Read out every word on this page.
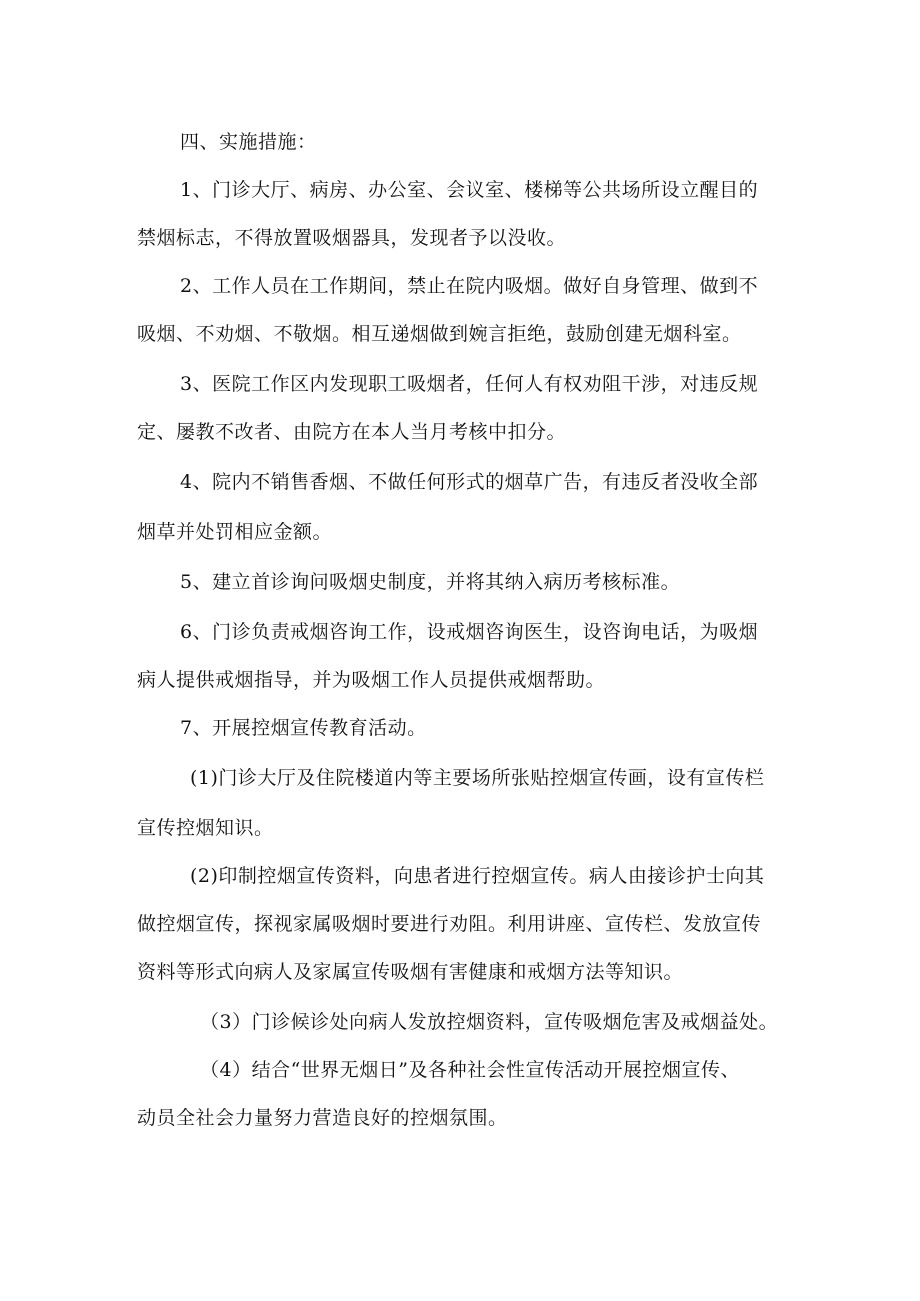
四、实施措施：
1、门诊大厅、病房、办公室、会议室、楼梯等公共场所设立醒目的
禁烟标志，不得放置吸烟器具，发现者予以没收。
2、工作人员在工作期间，禁止在院内吸烟。做好自身管理、做到不
吸烟、不劝烟、不敬烟。相互递烟做到婉言拒绝，鼓励创建无烟科室。
3、医院工作区内发现职工吸烟者，任何人有权劝阻干涉，对违反规
定、屡教不改者、由院方在本人当月考核中扣分。
4、院内不销售香烟、不做任何形式的烟草广告，有违反者没收全部
烟草并处罚相应金额。
5、建立首诊询问吸烟史制度，并将其纳入病历考核标准。
6、门诊负责戒烟咨询工作，设戒烟咨询医生，设咨询电话，为吸烟
病人提供戒烟指导，并为吸烟工作人员提供戒烟帮助。
7、开展控烟宣传教育活动。
(1)门诊大厅及住院楼道内等主要场所张贴控烟宣传画，设有宣传栏
宣传控烟知识。
(2)印制控烟宣传资料，向患者进行控烟宣传。病人由接诊护士向其
做控烟宣传，探视家属吸烟时要进行劝阻。利用讲座、宣传栏、发放宣传
资料等形式向病人及家属宣传吸烟有害健康和戒烟方法等知识。
（3）门诊候诊处向病人发放控烟资料，宣传吸烟危害及戒烟益处。
（4）结合“世界无烟日”及各种社会性宣传活动开展控烟宣传、
动员全社会力量努力营造良好的控烟氛围。
